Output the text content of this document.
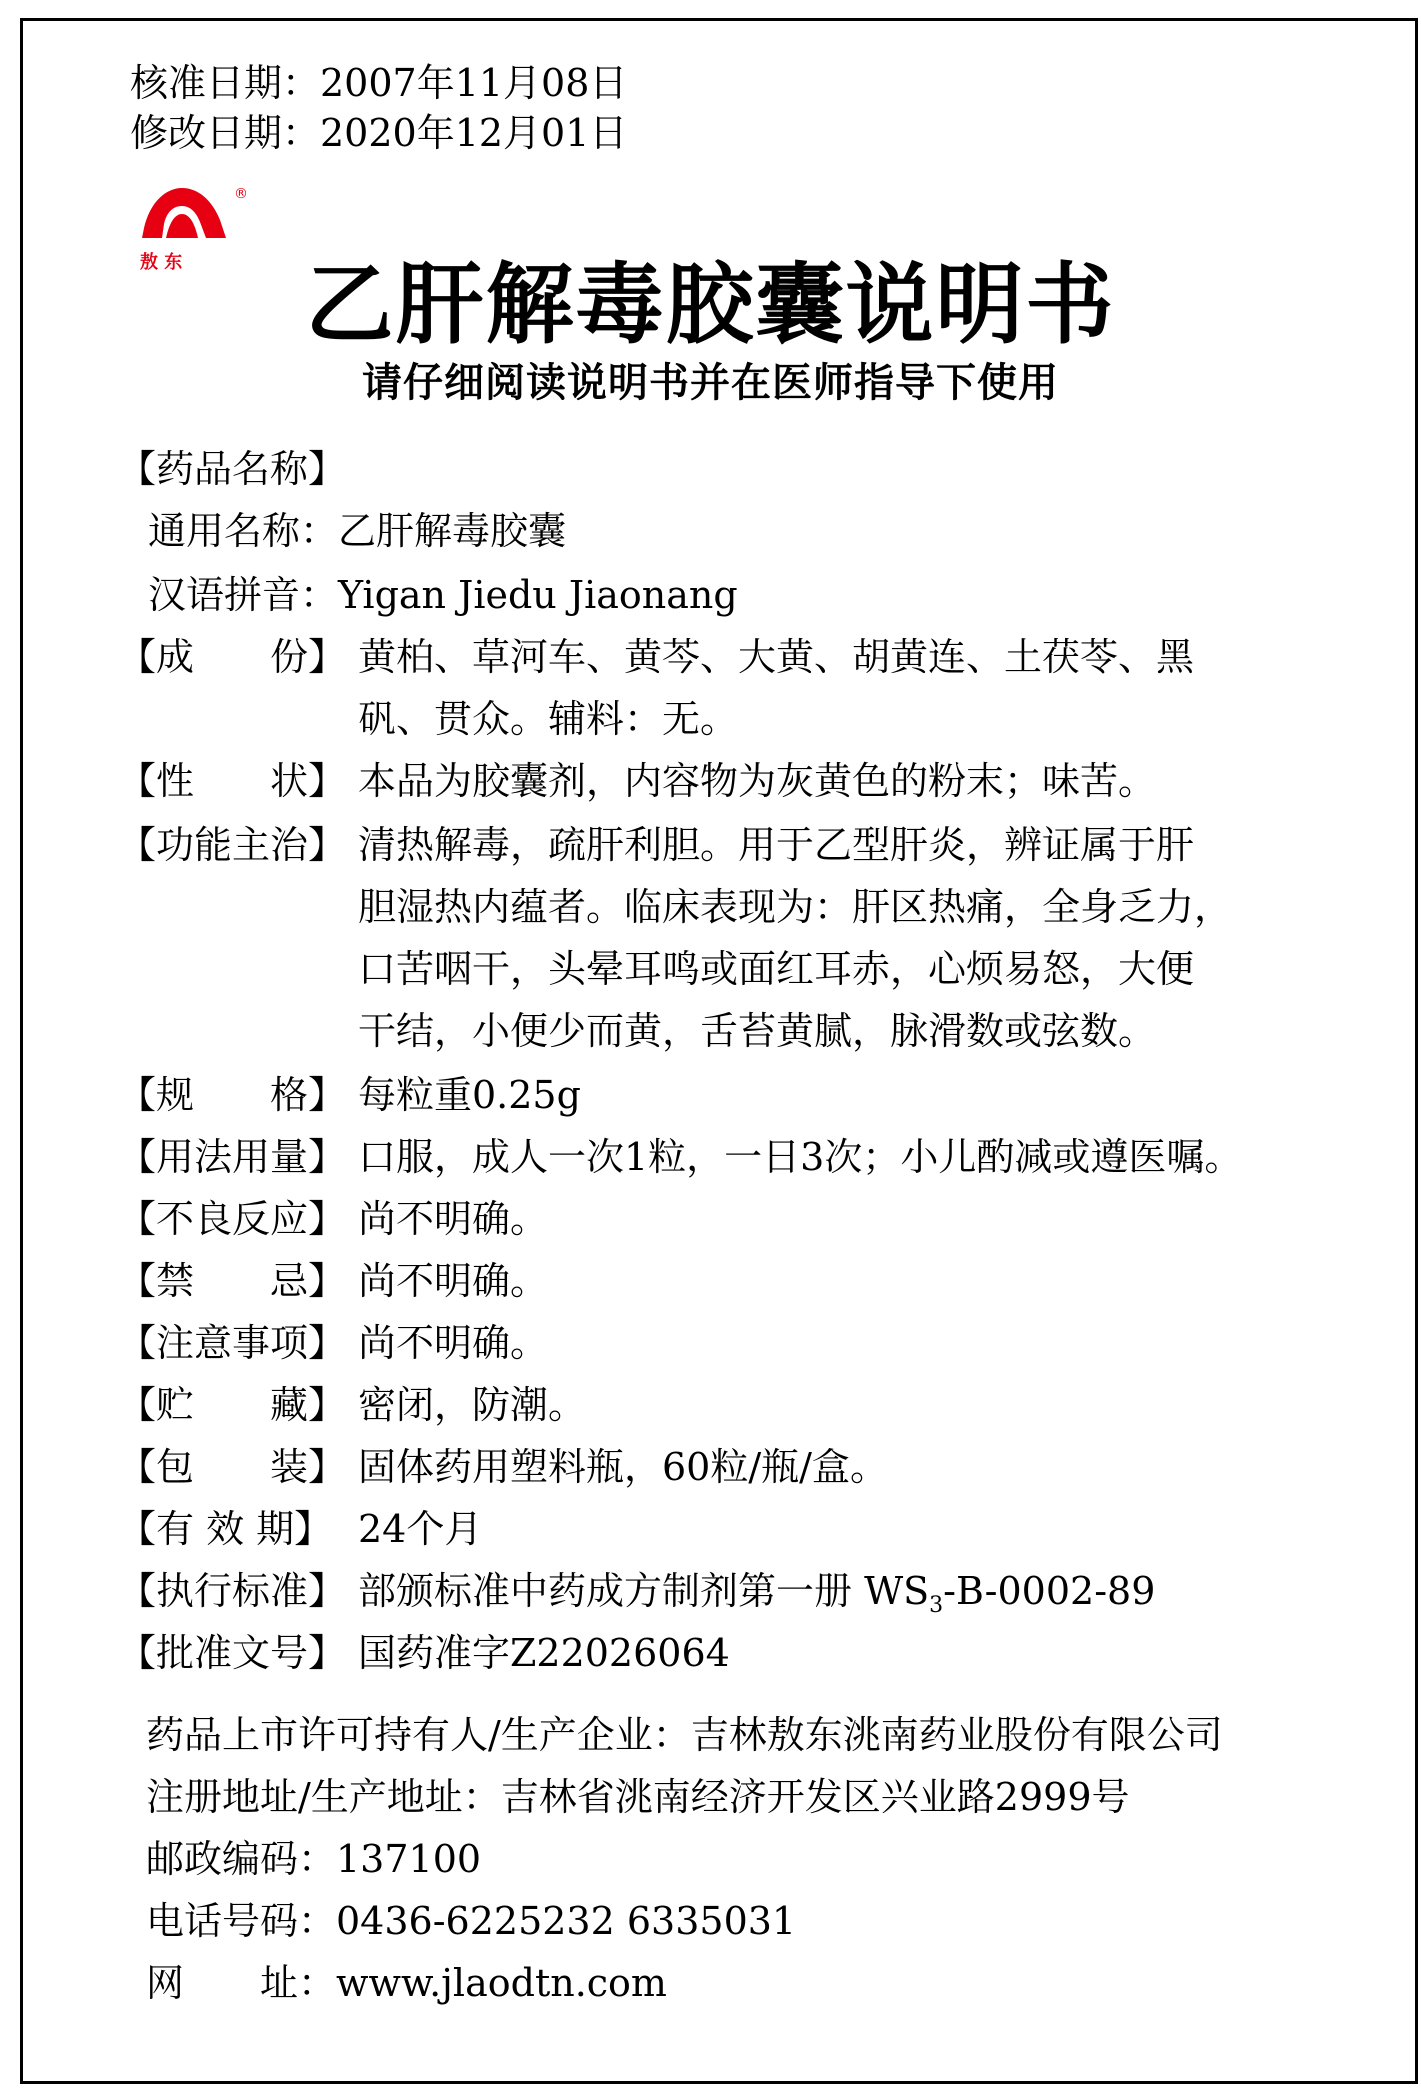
核准日期：2007年11月08日
修改日期：2020年12月01日
®
敖 东	乙肝解毒胶囊说明书
请仔细阅读说明书并在医师指导下使用
【药品名称】
通用名称：乙肝解毒胶囊
汉语拼音：Yigan Jiedu Jiaonang
【成　　份】 黄柏、草河车、黄芩、大黄、胡黄连、土茯苓、黑
矾、贯众。辅料：无。
【性　　状】 本品为胶囊剂，内容物为灰黄色的粉末；味苦。
【功能主治】 清热解毒，疏肝利胆。用于乙型肝炎，辨证属于肝
胆湿热内蕴者。临床表现为：肝区热痛，全身乏力，
口苦咽干，头晕耳鸣或面红耳赤，心烦易怒，大便
干结，小便少而黄，舌苔黄腻，脉滑数或弦数。
【规　　格】 每粒重0.25g
【用法用量】 口服，成人一次1粒，一日3次；小儿酌减或遵医嘱。
【不良反应】 尚不明确。
【禁　　忌】 尚不明确。
【注意事项】 尚不明确。
【贮　　藏】 密闭，防潮。
【包　　装】 固体药用塑料瓶，60粒/瓶/盒。
【有 效 期】 24个月
【执行标准】 部颁标准中药成方制剂第一册 $WS_3-B-0002-89$
【批准文号】 国药准字Z22026064
药品上市许可持有人/生产企业：吉林敖东洮南药业股份有限公司
注册地址/生产地址：吉林省洮南经济开发区兴业路2999号
邮政编码：137100
电话号码：0436-6225232 6335031
网　　址：www.jlaodtn.com
